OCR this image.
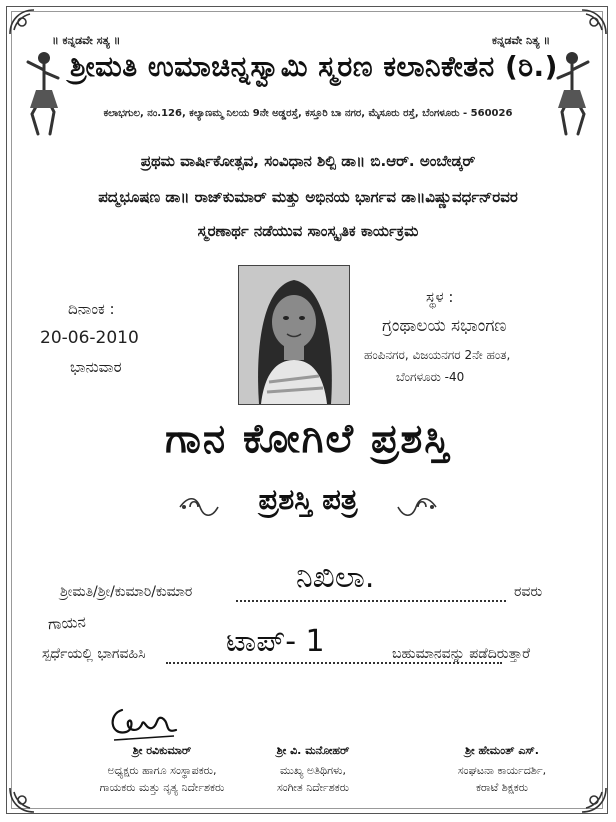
॥ ಕನ್ನಡವೇ ಸತ್ಯ ॥	ಕನ್ನಡವೇ ನಿತ್ಯ ॥
ಶ್ರೀಮತಿ ಉಮಾಚಿನ್ನಸ್ವಾಮಿ ಸ್ಮರಣ ಕಲಾನಿಕೇತನ (ರಿ.)
ಕಲಾಭಗುಲ, ನಂ.126, ಕಲ್ಯಾಣಮ್ಮ ನಿಲಯ 9ನೇ ಅಡ್ಡರಸ್ತೆ, ಕಸ್ತೂರಿ ಬಾ ನಗರ, ಮೈಸೂರು ರಸ್ತೆ, ಬೆಂಗಳೂರು - 560026
ಪ್ರಥಮ ವಾರ್ಷಿಕೋತ್ಸವ, ಸಂವಿಧಾನ ಶಿಲ್ಪಿ ಡಾ॥ ಬಿ.ಆರ್. ಅಂಬೇಡ್ಕರ್
ಪದ್ಮಭೂಷಣ ಡಾ॥ ರಾಜ್‌ಕುಮಾರ್ ಮತ್ತು ಅಭಿನಯ ಭಾರ್ಗವ ಡಾ॥ವಿಷ್ಣುವರ್ಧನ್‌ರವರ
ಸ್ಮರಣಾರ್ಥ ನಡೆಯುವ ಸಾಂಸ್ಕೃತಿಕ ಕಾರ್ಯಕ್ರಮ
ದಿನಾಂಕ :
20-06-2010
ಭಾನುವಾರ
ಸ್ಥಳ :
ಗ್ರಂಥಾಲಯ ಸಭಾಂಗಣ
ಹಂಪಿನಗರ, ವಿಜಯನಗರ 2ನೇ ಹಂತ,
ಬೆಂಗಳೂರು -40
ಗಾನ ಕೋಗಿಲೆ ಪ್ರಶಸ್ತಿ
ಪ್ರಶಸ್ತಿ ಪತ್ರ
ಶ್ರೀಮತಿ/ಶ್ರೀ/ಕುಮಾರಿ/ಕುಮಾರ	ನಿಖಿಲಾ.	ರವರು
ಗಾಯನ
ಸ್ಪರ್ಧೆಯಲ್ಲಿ ಭಾಗವಹಿಸಿ	ಟಾಪ್- 1	ಬಹುಮಾನವನ್ನು ಪಡೆದಿರುತ್ತಾರೆ
ಶ್ರೀ ರವಿಕುಮಾರ್
ಅಧ್ಯಕ್ಷರು ಹಾಗೂ ಸಂಸ್ಥಾಪಕರು,
ಗಾಯಕರು ಮತ್ತು ನೃತ್ಯ ನಿರ್ದೇಶಕರು
ಶ್ರೀ ವಿ. ಮನೋಹರ್
ಮುಖ್ಯ ಅತಿಥಿಗಳು,
ಸಂಗೀತ ನಿರ್ದೇಶಕರು
ಶ್ರೀ ಹೇಮಂತ್ ಎಸ್.
ಸಂಘಟನಾ ಕಾರ್ಯದರ್ಶಿ,
ಕರಾಟೆ ಶಿಕ್ಷಕರು
